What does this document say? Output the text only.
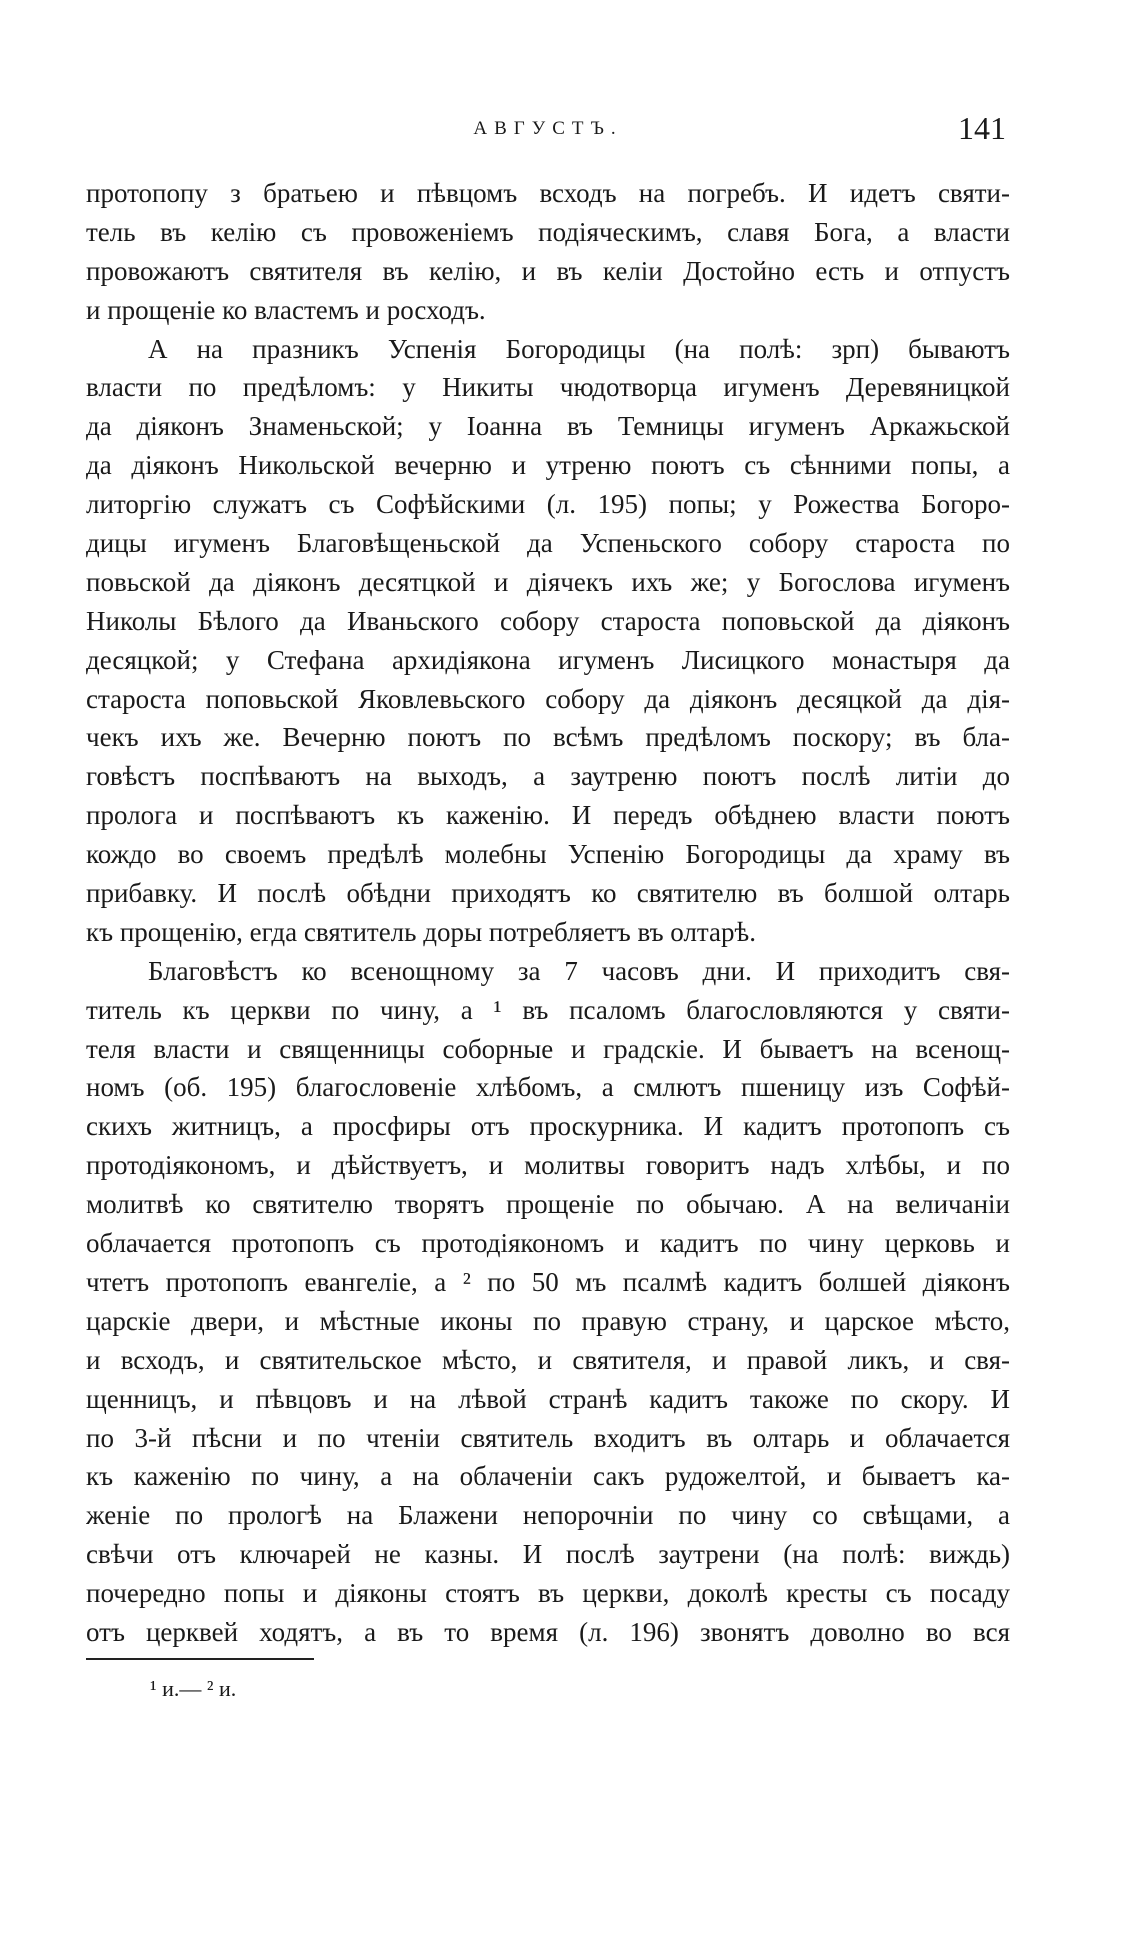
АВГУСТЪ.	141
протопопу з братьею и пѣвцомъ всходъ на погребъ. И идетъ святи-
тель въ келію съ провоженіемъ подіяческимъ, славя Бога, а власти
провожаютъ святителя въ келію, и въ келіи Достойно есть и отпустъ
и прощеніе ко властемъ и росходъ.
А на празникъ Успенія Богородицы (на полѣ: зрп) бываютъ
власти по предѣломъ: у Никиты чюдотворца игуменъ Деревяницкой
да діяконъ Знаменьской; у Іоанна въ Темницы игуменъ Аркажьской
да діяконъ Никольской вечерню и утреню поютъ съ сѣнними попы, а
литоргію служатъ съ Софѣйскими (л. 195) попы; у Рожества Богоро-
дицы игуменъ Благовѣщеньской да Успеньского собору староста по
повьской да діяконъ десятцкой и діячекъ ихъ же; у Богослова игуменъ
Николы Бѣлого да Иваньского собору староста поповьской да діяконъ
десяцкой; у Стефана архидіякона игуменъ Лисицкого монастыря да
староста поповьской Яковлевьского собору да діяконъ десяцкой да дія-
чекъ ихъ же. Вечерню поютъ по всѣмъ предѣломъ поскору; въ бла-
говѣстъ поспѣваютъ на выходъ, а заутреню поютъ послѣ литіи до
пролога и поспѣваютъ къ каженію. И передъ обѣднею власти поютъ
кождо во своемъ предѣлѣ молебны Успенію Богородицы да храму въ
прибавку. И послѣ обѣдни приходятъ ко святителю въ болшой олтарь
къ прощенію, егда святитель доры потребляетъ въ олтарѣ.
Благовѣстъ ко всенощному за 7 часовъ дни. И приходитъ свя-
титель къ церкви по чину, а ¹ въ псаломъ благословляются у святи-
теля власти и священницы соборные и градскіе. И бываетъ на всенощ-
номъ (об. 195) благословеніе хлѣбомъ, а смлютъ пшеницу изъ Софѣй-
скихъ житницъ, а просфиры отъ проскурника. И кадитъ протопопъ съ
протодіякономъ, и дѣйствуетъ, и молитвы говоритъ надъ хлѣбы, и по
молитвѣ ко святителю творятъ прощеніе по обычаю. А на величаніи
облачается протопопъ съ протодіякономъ и кадитъ по чину церковь и
чтетъ протопопъ евангеліе, а ² по 50 мъ псалмѣ кадитъ болшей діяконъ
царскіе двери, и мѣстные иконы по правую страну, и царское мѣсто,
и всходъ, и святительское мѣсто, и святителя, и правой ликъ, и свя-
щенницъ, и пѣвцовъ и на лѣвой странѣ кадитъ такоже по скору. И
по 3-й пѣсни и по чтеніи святитель входитъ въ олтарь и облачается
къ каженію по чину, а на облаченіи сакъ рудожелтой, и бываетъ ка-
женіе по прологѣ на Блажени непорочніи по чину со свѣщами, а
свѣчи отъ ключарей не казны. И послѣ заутрени (на полѣ: виждь)
почередно попы и діяконы стоятъ въ церкви, доколѣ кресты съ посаду
отъ церквей ходятъ, а въ то время (л. 196) звонятъ доволно во вся
¹ и.— ² и.
